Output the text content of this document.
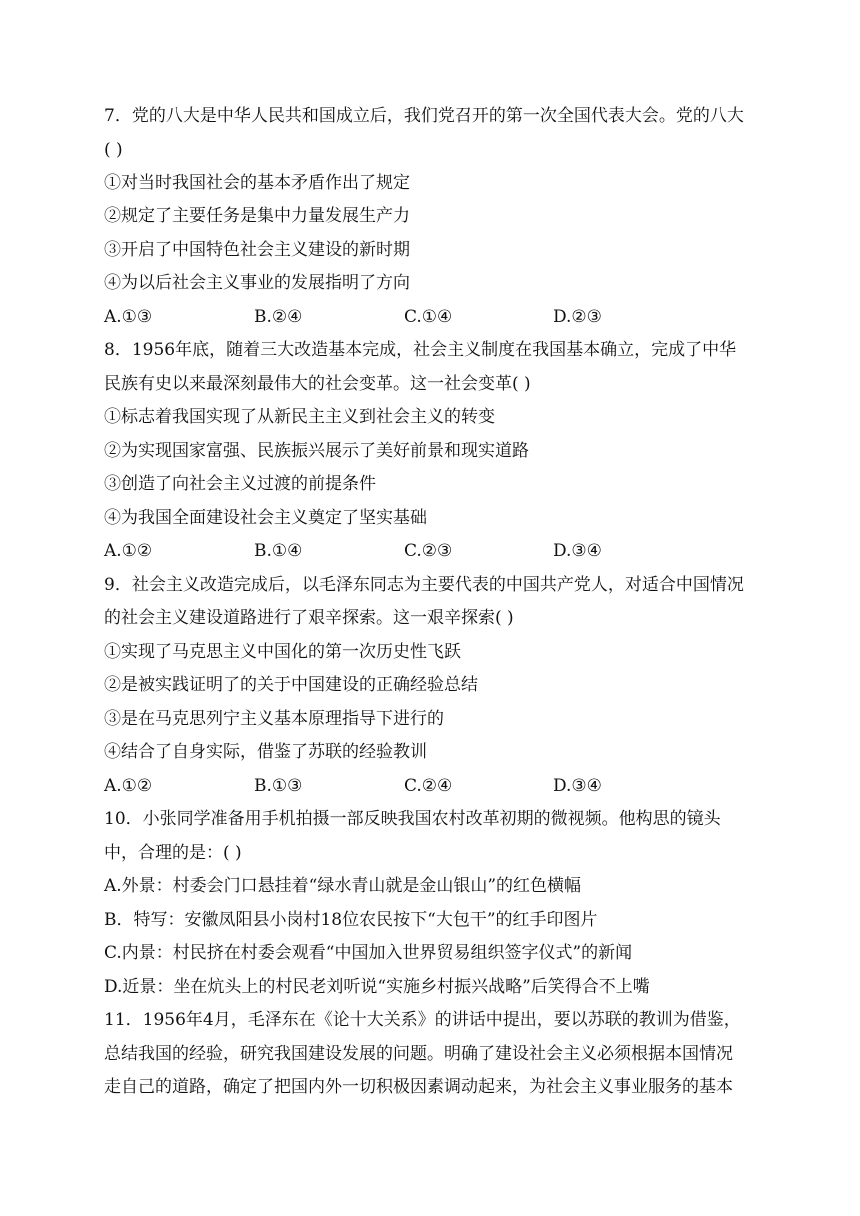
7．党的八大是中华人民共和国成立后，我们党召开的第一次全国代表大会。党的八大
( )
①对当时我国社会的基本矛盾作出了规定
②规定了主要任务是集中力量发展生产力
③开启了中国特色社会主义建设的新时期
④为以后社会主义事业的发展指明了方向
A.①③	B.②④	C.①④	D.②③
8．1956年底，随着三大改造基本完成，社会主义制度在我国基本确立，完成了中华
民族有史以来最深刻最伟大的社会变革。这一社会变革( )
①标志着我国实现了从新民主主义到社会主义的转变
②为实现国家富强、民族振兴展示了美好前景和现实道路
③创造了向社会主义过渡的前提条件
④为我国全面建设社会主义奠定了坚实基础
A.①②	B.①④	C.②③	D.③④
9．社会主义改造完成后，以毛泽东同志为主要代表的中国共产党人，对适合中国情况
的社会主义建设道路进行了艰辛探索。这一艰辛探索( )
①实现了马克思主义中国化的第一次历史性飞跃
②是被实践证明了的关于中国建设的正确经验总结
③是在马克思列宁主义基本原理指导下进行的
④结合了自身实际，借鉴了苏联的经验教训
A.①②	B.①③	C.②④	D.③④
10．小张同学准备用手机拍摄一部反映我国农村改革初期的微视频。他构思的镜头
中，合理的是：( )
A.外景：村委会门口悬挂着“绿水青山就是金山银山”的红色横幅
B．特写：安徽凤阳县小岗村18位农民按下“大包干”的红手印图片
C.内景：村民挤在村委会观看“中国加入世界贸易组织签字仪式”的新闻
D.近景：坐在炕头上的村民老刘听说“实施乡村振兴战略”后笑得合不上嘴
11．1956年4月，毛泽东在《论十大关系》的讲话中提出，要以苏联的教训为借鉴，
总结我国的经验，研究我国建设发展的问题。明确了建设社会主义必须根据本国情况
走自己的道路，确定了把国内外一切积极因素调动起来，为社会主义事业服务的基本
